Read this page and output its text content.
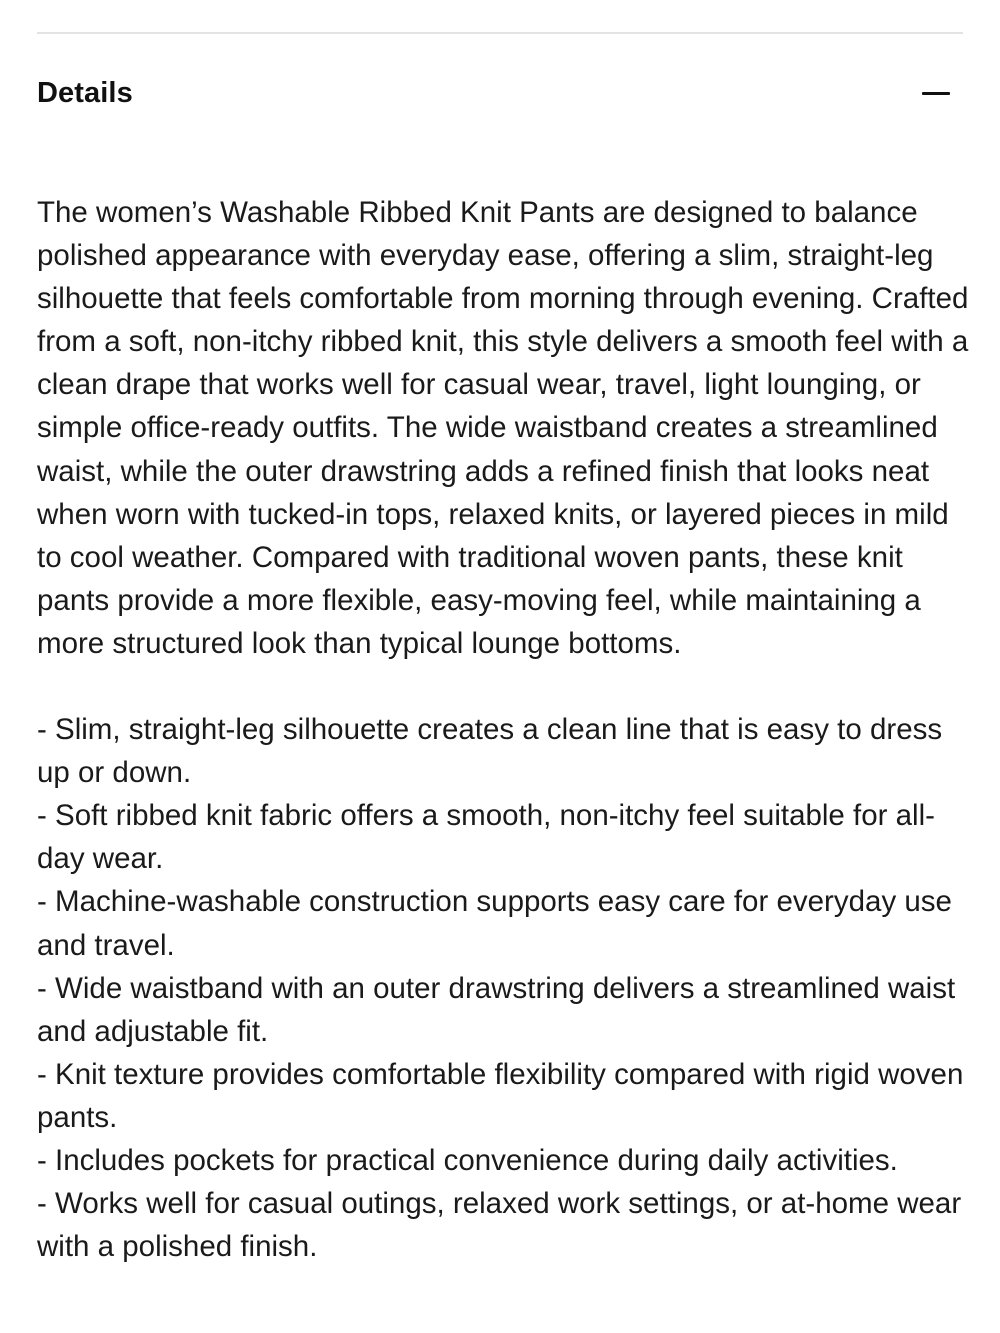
Details

The women’s Washable Ribbed Knit Pants are designed to balance polished appearance with everyday ease, offering a slim, straight-leg silhouette that feels comfortable from morning through evening. Crafted from a soft, non-itchy ribbed knit, this style delivers a smooth feel with a clean drape that works well for casual wear, travel, light lounging, or simple office-ready outfits. The wide waistband creates a streamlined waist, while the outer drawstring adds a refined finish that looks neat when worn with tucked-in tops, relaxed knits, or layered pieces in mild to cool weather. Compared with traditional woven pants, these knit pants provide a more flexible, easy-moving feel, while maintaining a more structured look than typical lounge bottoms.

- Slim, straight-leg silhouette creates a clean line that is easy to dress up or down.
- Soft ribbed knit fabric offers a smooth, non-itchy feel suitable for all-day wear.
- Machine-washable construction supports easy care for everyday use and travel.
- Wide waistband with an outer drawstring delivers a streamlined waist and adjustable fit.
- Knit texture provides comfortable flexibility compared with rigid woven pants.
- Includes pockets for practical convenience during daily activities.
- Works well for casual outings, relaxed work settings, or at-home wear with a polished finish.
